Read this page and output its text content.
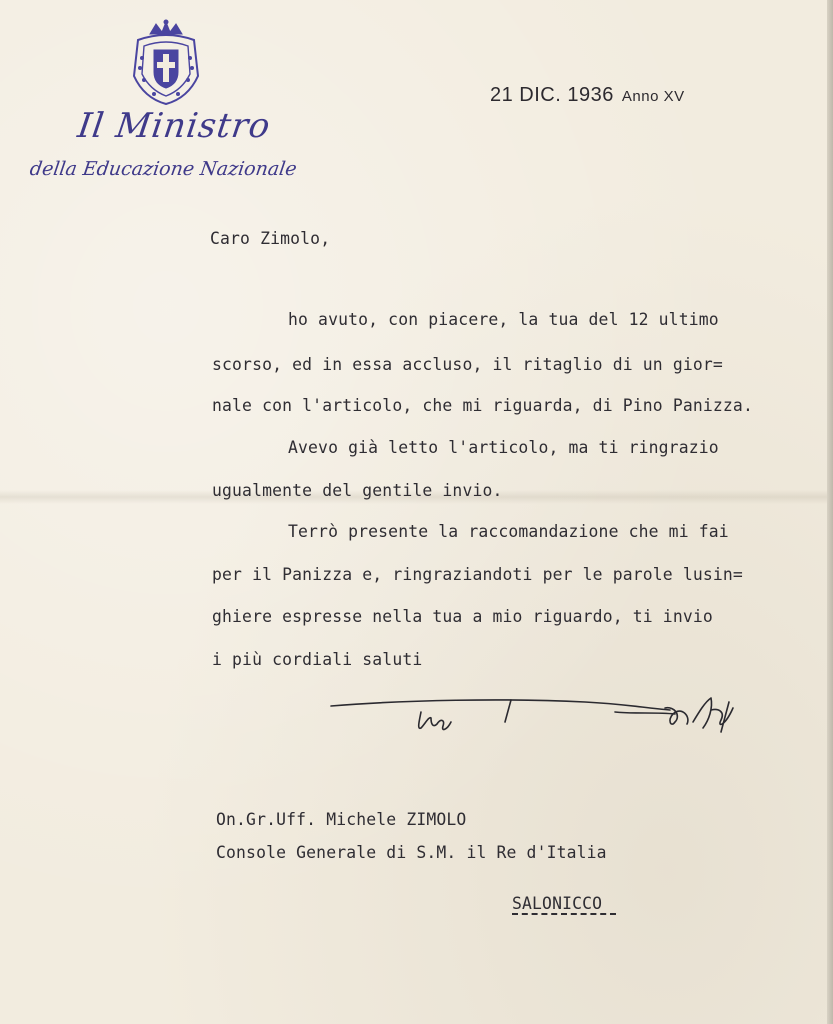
Il Ministro
della Educazione Nazionale
21 DIC. 1936 Anno XV
Caro Zimolo,
ho avuto, con piacere, la tua del 12 ultimo
scorso, ed in essa accluso, il ritaglio di un gior=
nale con l'articolo, che mi riguarda, di Pino Panizza.
Avevo già letto l'articolo, ma ti ringrazio
ugualmente del gentile invio.
Terrò presente la raccomandazione che mi fai
per il Panizza e, ringraziandoti per le parole lusin=
ghiere espresse nella tua a mio riguardo, ti invio
i più cordiali saluti
On.Gr.Uff. Michele ZIMOLO
Console Generale di S.M. il Re d'Italia
SALONICCO
